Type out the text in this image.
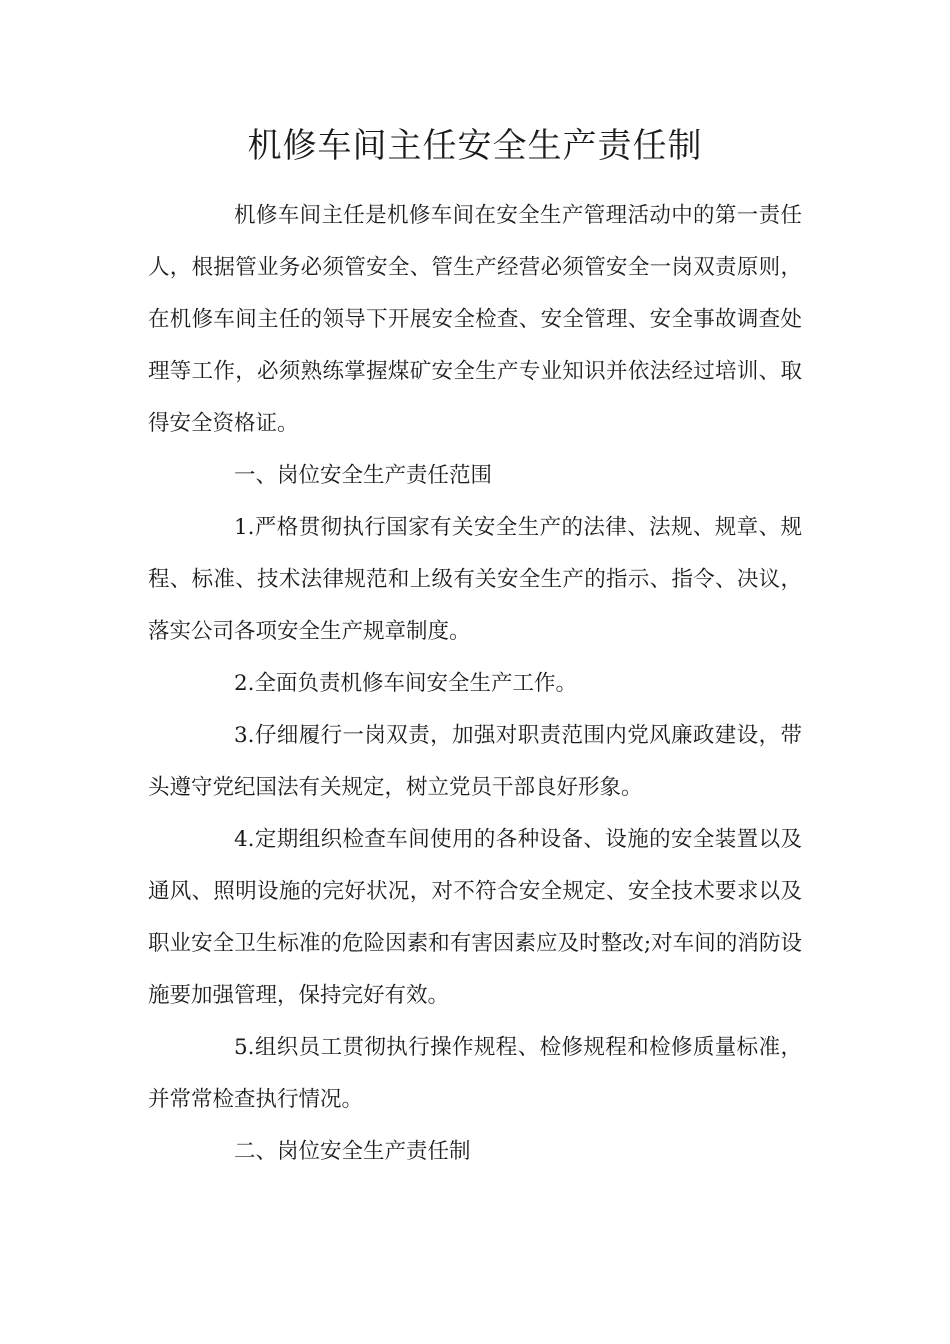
机修车间主任安全生产责任制

机修车间主任是机修车间在安全生产管理活动中的第一责任人，根据管业务必须管安全、管生产经营必须管安全一岗双责原则，在机修车间主任的领导下开展安全检查、安全管理、安全事故调查处理等工作，必须熟练掌握煤矿安全生产专业知识并依法经过培训、取得安全资格证。

一、岗位安全生产责任范围

1.严格贯彻执行国家有关安全生产的法律、法规、规章、规程、标准、技术法律规范和上级有关安全生产的指示、指令、决议，落实公司各项安全生产规章制度。

2.全面负责机修车间安全生产工作。

3.仔细履行一岗双责，加强对职责范围内党风廉政建设，带头遵守党纪国法有关规定，树立党员干部良好形象。

4.定期组织检查车间使用的各种设备、设施的安全装置以及通风、照明设施的完好状况，对不符合安全规定、安全技术要求以及职业安全卫生标准的危险因素和有害因素应及时整改;对车间的消防设施要加强管理，保持完好有效。

5.组织员工贯彻执行操作规程、检修规程和检修质量标准，并常常检查执行情况。

二、岗位安全生产责任制
